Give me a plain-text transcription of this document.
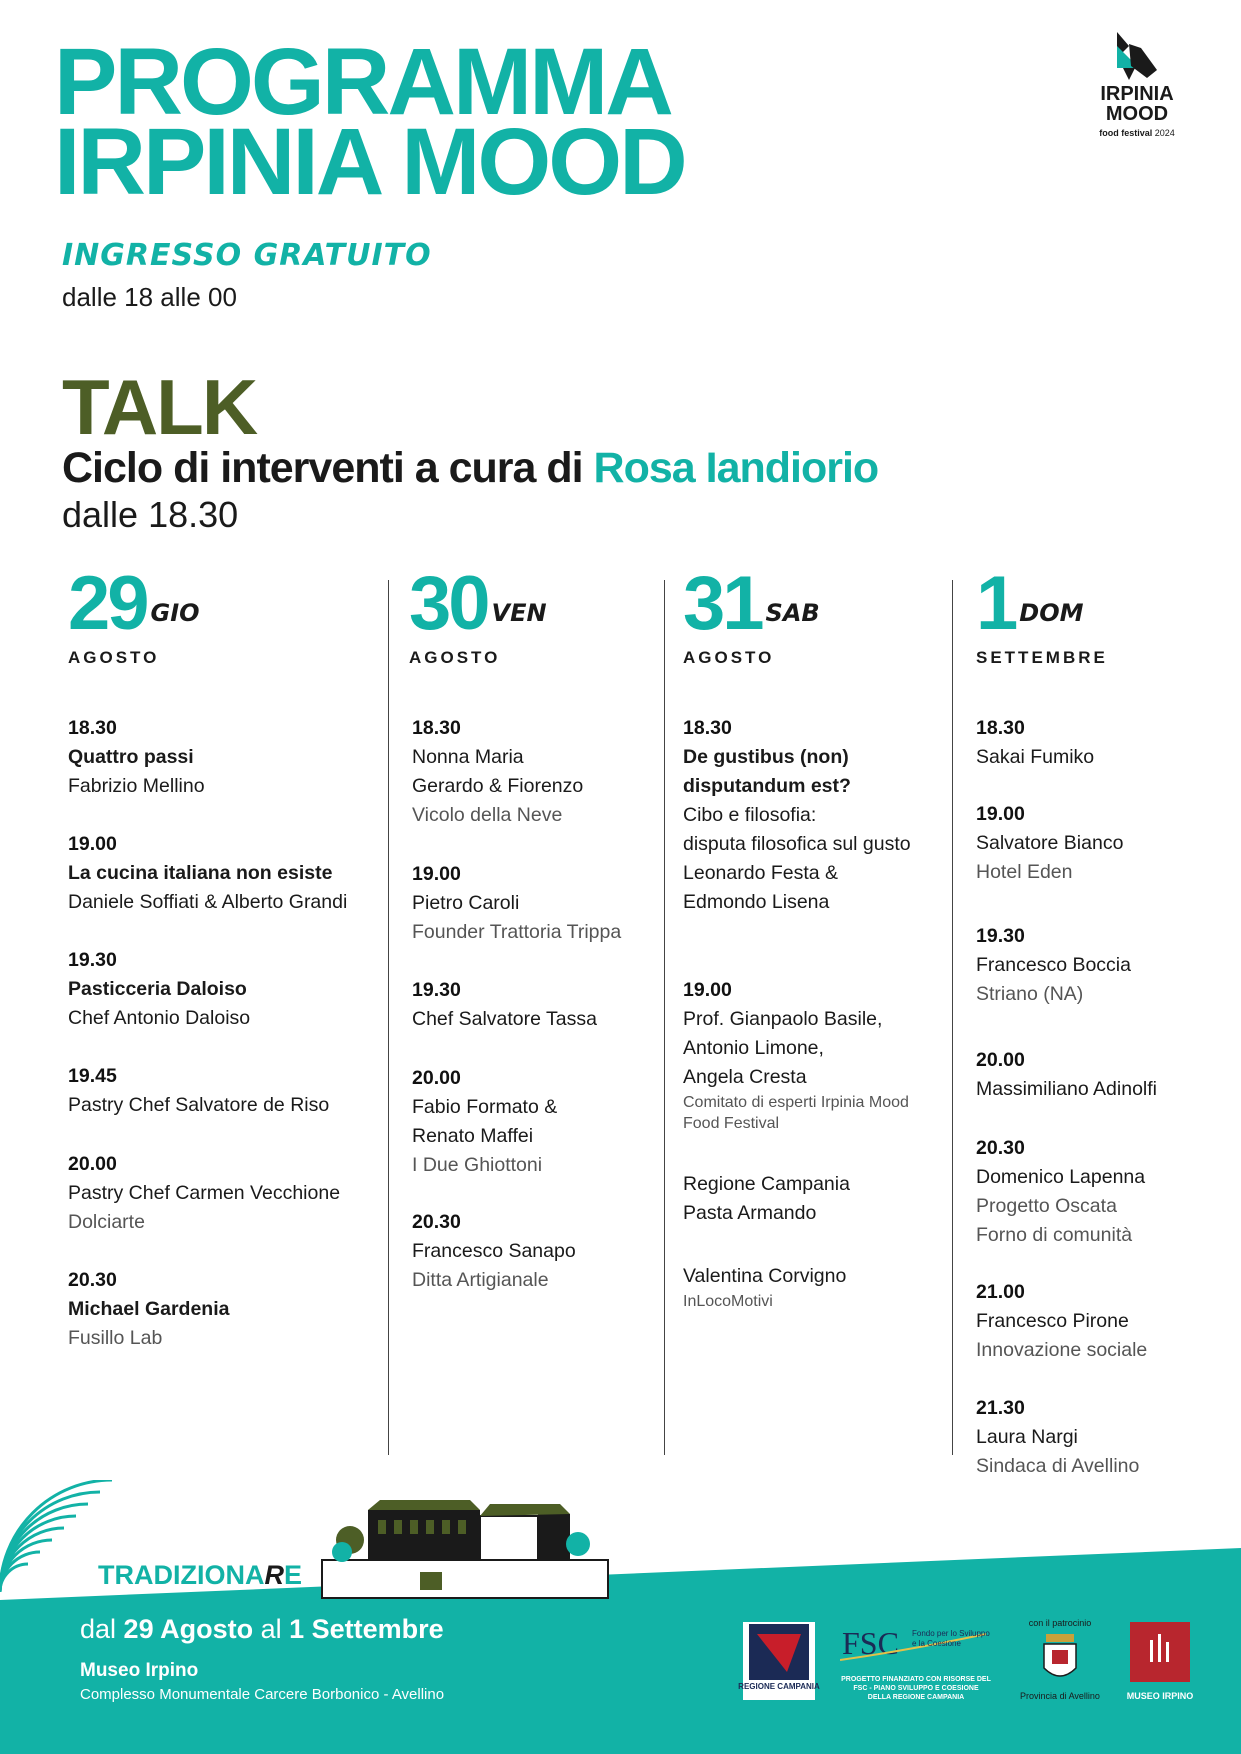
PROGRAMMA
IRPINIA MOOD
IRPINIA
MOOD
food festival 2024
INGRESSO GRATUITO
dalle 18 alle 00
TALK
Ciclo di interventi a cura di Rosa Iandiorio
dalle 18.30
29 GIO
AGOSTO
30 VEN
AGOSTO
31 SAB
AGOSTO
1 DOM
SETTEMBRE
18.30
Quattro passi
Fabrizio Mellino
19.00
La cucina italiana non esiste
Daniele Soffiati & Alberto Grandi
19.30
Pasticceria Daloiso
Chef Antonio Daloiso
19.45
Pastry Chef Salvatore de Riso
20.00
Pastry Chef Carmen Vecchione
Dolciarte
20.30
Michael Gardenia
Fusillo Lab
18.30
Nonna Maria
Gerardo & Fiorenzo
Vicolo della Neve
19.00
Pietro Caroli
Founder Trattoria Trippa
19.30
Chef Salvatore Tassa
20.00
Fabio Formato &
Renato Maffei
I Due Ghiottoni
20.30
Francesco Sanapo
Ditta Artigianale
18.30
De gustibus (non)
disputandum est?
Cibo e filosofia:
disputa filosofica sul gusto
Leonardo Festa &
Edmondo Lisena
19.00
Prof. Gianpaolo Basile,
Antonio Limone,
Angela Cresta
Comitato di esperti Irpinia Mood
Food Festival
Regione Campania
Pasta Armando
Valentina Corvigno
InLocoMotivi
18.30
Sakai Fumiko
19.00
Salvatore Bianco
Hotel Eden
19.30
Francesco Boccia
Striano (NA)
20.00
Massimiliano Adinolfi
20.30
Domenico Lapenna
Progetto Oscata
Forno di comunità
21.00
Francesco Pirone
Innovazione sociale
21.30
Laura Nargi
Sindaca di Avellino
TRADIZIONARE
dal 29 Agosto al 1 Settembre
Museo Irpino
Complesso Monumentale Carcere Borbonico - Avellino	REGIONE CAMPANIA
FSC Fondo per lo Sviluppo
e la Coesione
PROGETTO FINANZIATO CON RISORSE DEL
FSC - PIANO SVILUPPO E COESIONE
DELLA REGIONE CAMPANIA
con il patrocinio
Provincia di Avellino	MUSEO IRPINO
